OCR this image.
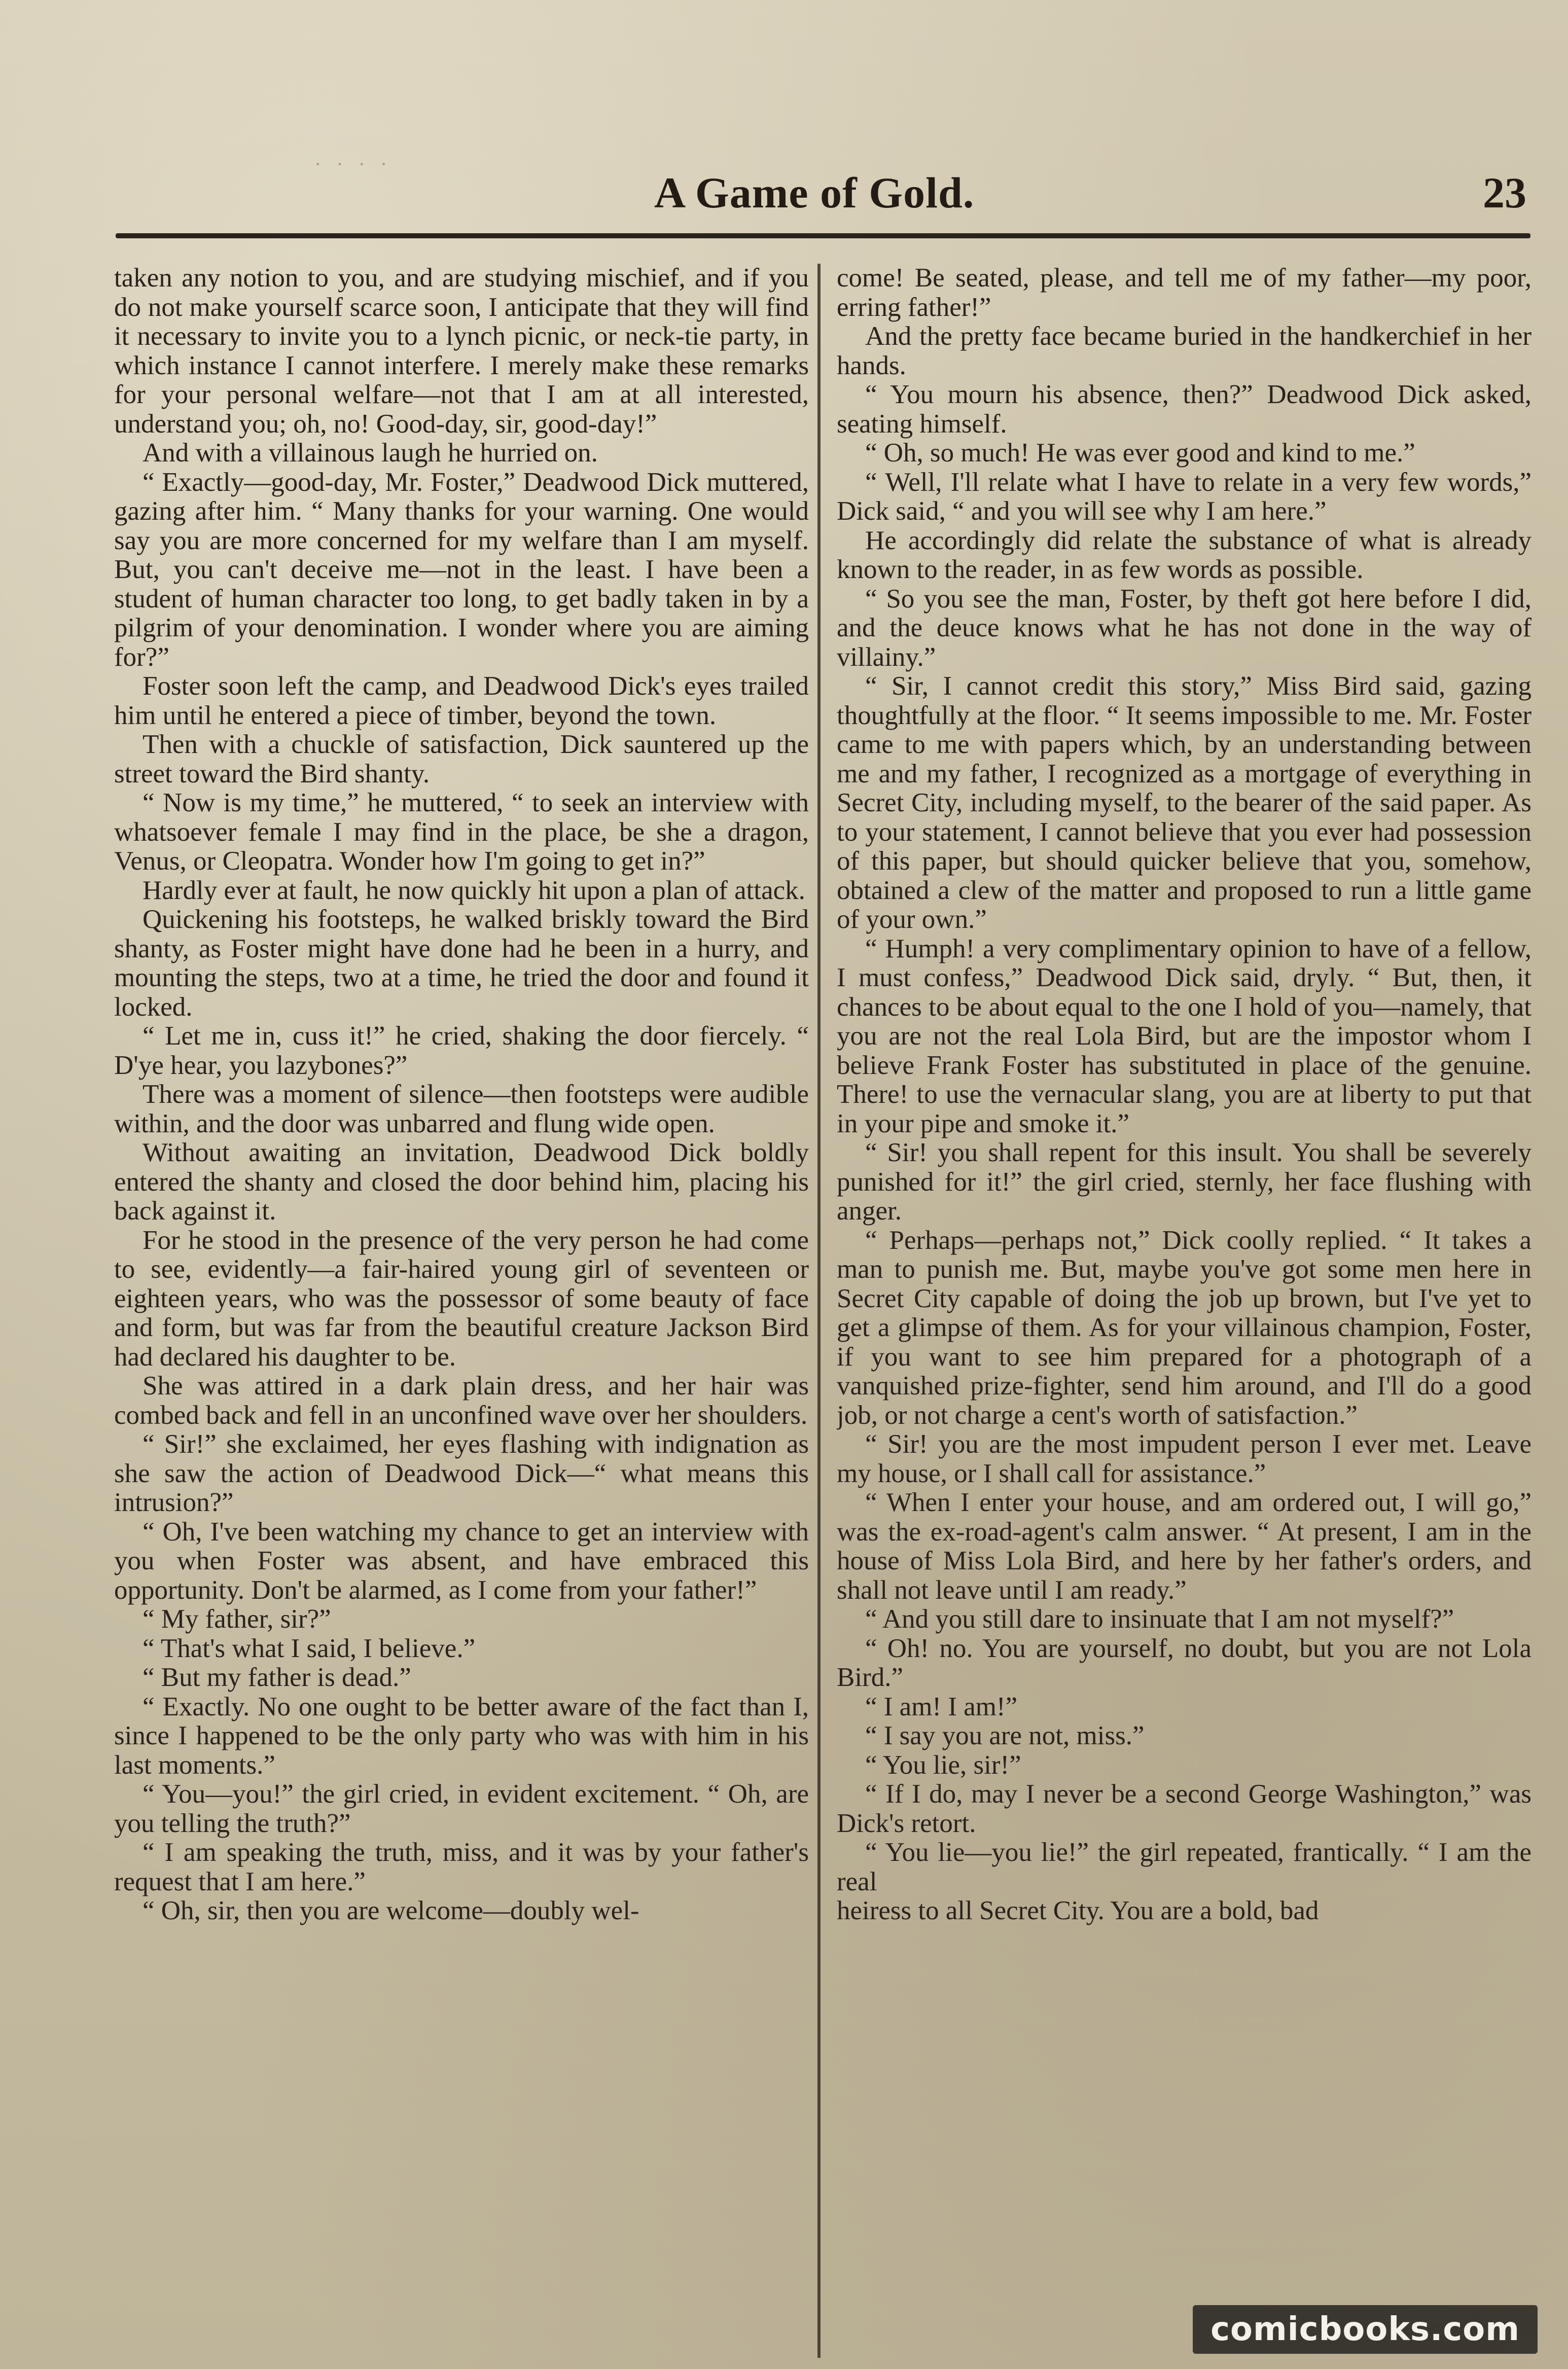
· · · ·
A Game of Gold.	23

taken any notion to you, and are studying mischief, and if you do not make yourself scarce soon, I anticipate that they will find it necessary to invite you to a lynch picnic, or neck-tie party, in which instance I cannot interfere. I merely make these remarks for your personal welfare—not that I am at all interested, understand you; oh, no! Good-day, sir, good-day!”

And with a villainous laugh he hurried on.

“ Exactly—good-day, Mr. Foster,” Deadwood Dick muttered, gazing after him. “ Many thanks for your warning. One would say you are more concerned for my welfare than I am myself. But, you can't deceive me—not in the least. I have been a student of human character too long, to get badly taken in by a pilgrim of your denomination. I wonder where you are aiming for?”

Foster soon left the camp, and Deadwood Dick's eyes trailed him until he entered a piece of timber, beyond the town.

Then with a chuckle of satisfaction, Dick sauntered up the street toward the Bird shanty.

“ Now is my time,” he muttered, “ to seek an interview with whatsoever female I may find in the place, be she a dragon, Venus, or Cleopatra. Wonder how I'm going to get in?”

Hardly ever at fault, he now quickly hit upon a plan of attack.

Quickening his footsteps, he walked briskly toward the Bird shanty, as Foster might have done had he been in a hurry, and mounting the steps, two at a time, he tried the door and found it locked.

“ Let me in, cuss it!” he cried, shaking the door fiercely. “ D'ye hear, you lazybones?”

There was a moment of silence—then footsteps were audible within, and the door was unbarred and flung wide open.

Without awaiting an invitation, Deadwood Dick boldly entered the shanty and closed the door behind him, placing his back against it.

For he stood in the presence of the very person he had come to see, evidently—a fair-haired young girl of seventeen or eighteen years, who was the possessor of some beauty of face and form, but was far from the beautiful creature Jackson Bird had declared his daughter to be.

She was attired in a dark plain dress, and her hair was combed back and fell in an unconfined wave over her shoulders.

“ Sir!” she exclaimed, her eyes flashing with indignation as she saw the action of Deadwood Dick—“ what means this intrusion?”

“ Oh, I've been watching my chance to get an interview with you when Foster was absent, and have embraced this opportunity. Don't be alarmed, as I come from your father!”

“ My father, sir?”

“ That's what I said, I believe.”

“ But my father is dead.”

“ Exactly. No one ought to be better aware of the fact than I, since I happened to be the only party who was with him in his last moments.”

“ You—you!” the girl cried, in evident excitement. “ Oh, are you telling the truth?”

“ I am speaking the truth, miss, and it was by your father's request that I am here.”

“ Oh, sir, then you are welcome—doubly wel-

come! Be seated, please, and tell me of my father—my poor, erring father!”

And the pretty face became buried in the handkerchief in her hands.

“ You mourn his absence, then?” Deadwood Dick asked, seating himself.

“ Oh, so much! He was ever good and kind to me.”

“ Well, I'll relate what I have to relate in a very few words,” Dick said, “ and you will see why I am here.”

He accordingly did relate the substance of what is already known to the reader, in as few words as possible.

“ So you see the man, Foster, by theft got here before I did, and the deuce knows what he has not done in the way of villainy.”

“ Sir, I cannot credit this story,” Miss Bird said, gazing thoughtfully at the floor. “ It seems impossible to me. Mr. Foster came to me with papers which, by an understanding between me and my father, I recognized as a mortgage of everything in Secret City, including myself, to the bearer of the said paper. As to your statement, I cannot believe that you ever had possession of this paper, but should quicker believe that you, somehow, obtained a clew of the matter and proposed to run a little game of your own.”

“ Humph! a very complimentary opinion to have of a fellow, I must confess,” Deadwood Dick said, dryly. “ But, then, it chances to be about equal to the one I hold of you—namely, that you are not the real Lola Bird, but are the impostor whom I believe Frank Foster has substituted in place of the genuine. There! to use the vernacular slang, you are at liberty to put that in your pipe and smoke it.”

“ Sir! you shall repent for this insult. You shall be severely punished for it!” the girl cried, sternly, her face flushing with anger.

“ Perhaps—perhaps not,” Dick coolly replied. “ It takes a man to punish me. But, maybe you've got some men here in Secret City capable of doing the job up brown, but I've yet to get a glimpse of them. As for your villainous champion, Foster, if you want to see him prepared for a photograph of a vanquished prize-fighter, send him around, and I'll do a good job, or not charge a cent's worth of satisfaction.”

“ Sir! you are the most impudent person I ever met. Leave my house, or I shall call for assistance.”

“ When I enter your house, and am ordered out, I will go,” was the ex-road-agent's calm answer. “ At present, I am in the house of Miss Lola Bird, and here by her father's orders, and shall not leave until I am ready.”

“ And you still dare to insinuate that I am not myself?”

“ Oh! no. You are yourself, no doubt, but you are not Lola Bird.”

“ I am! I am!”

“ I say you are not, miss.”

“ You lie, sir!”

“ If I do, may I never be a second George Washington,” was Dick's retort.

“ You lie—you lie!” the girl repeated, frantically. “ I am the real

heiress to all Secret City. You are a bold, bad

comicbooks.com
